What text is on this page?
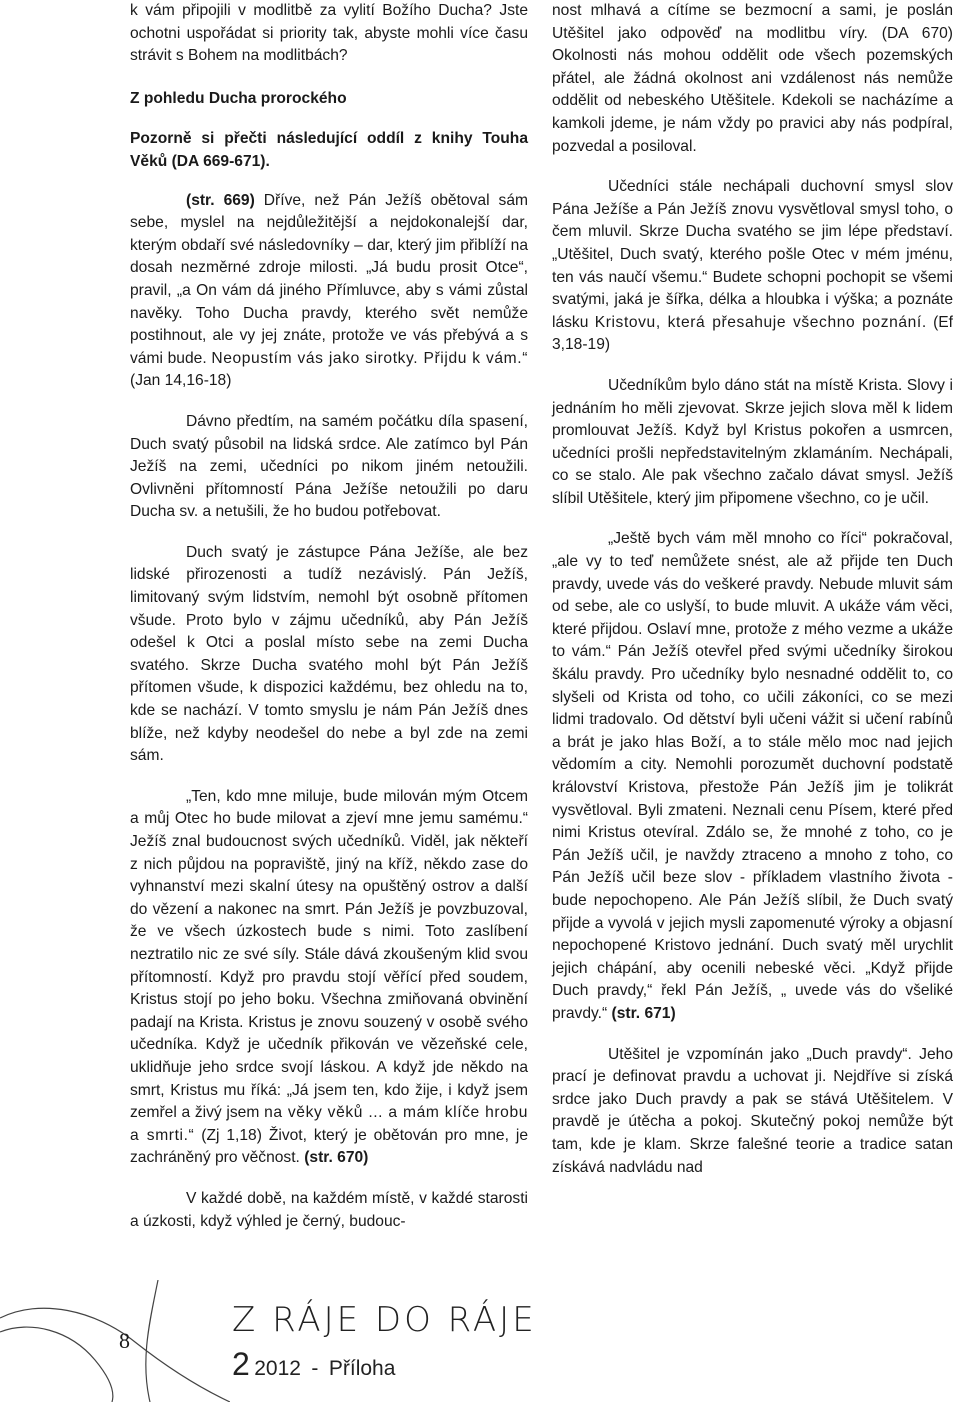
k vám připojili v modlitbě za vylití Božího Ducha? Jste ochotni uspořádat si priority tak, abyste mohli více času strávit s Bohem na modlitbách?

Z pohledu Ducha prorockého

Pozorně si přečti následující oddíl z knihy Touha Věků (DA 669-671).

(str. 669) Dříve, než Pán Ježíš obětoval sám sebe, myslel na nejdůležitější a nejdokonalejší dar, kterým obdaří své následovníky – dar, který jim přiblíží na dosah nezměrné zdroje milosti. „Já budu prosit Otce“, pravil, „a On vám dá jiného Přímluvce, aby s vámi zůstal navěky. Toho Ducha pravdy, kterého svět nemůže postihnout, ale vy jej znáte, protože ve vás přebývá a s vámi bude. Neopustím vás jako sirotky. Přijdu k vám.“ (Jan 14,16-18)

Dávno předtím, na samém počátku díla spasení, Duch svatý působil na lidská srdce. Ale zatímco byl Pán Ježíš na zemi, učedníci po nikom jiném netoužili. Ovlivněni přítomností Pána Ježíše netoužili po daru Ducha sv. a netušili, že ho budou potřebovat.

Duch svatý je zástupce Pána Ježíše, ale bez lidské přirozenosti a tudíž nezávislý. Pán Ježíš, limitovaný svým lidstvím, nemohl být osobně přítomen všude. Proto bylo v zájmu učedníků, aby Pán Ježíš odešel k Otci a poslal místo sebe na zemi Ducha svatého. Skrze Ducha svatého mohl být Pán Ježíš přítomen všude, k dispozici každému, bez ohledu na to, kde se nachází. V tomto smyslu je nám Pán Ježíš dnes blíže, než kdyby neodešel do nebe a byl zde na zemi sám.

„Ten, kdo mne miluje, bude milován mým Otcem a můj Otec ho bude milovat a zjeví mne jemu samému.“ Ježíš znal budoucnost svých učedníků. Viděl, jak někteří z nich půjdou na popraviště, jiný na kříž, někdo zase do vyhnanství mezi skalní útesy na opuštěný ostrov a další do vězení a nakonec na smrt. Pán Ježíš je povzbuzoval, že ve všech úzkostech bude s nimi. Toto zaslíbení neztratilo nic ze své síly. Stále dává zkoušeným klid svou přítomností. Když pro pravdu stojí věřící před soudem, Kristus stojí po jeho boku. Všechna zmiňovaná obvinění padají na Krista. Kristus je znovu souzený v osobě svého učedníka. Když je učedník přikován ve vězeňské cele, uklidňuje jeho srdce svojí láskou. A když jde někdo na smrt, Kristus mu říká: „Já jsem ten, kdo žije, i když jsem zemřel a živý jsem na věky věků ... a mám klíče hrobu a smrti.“ (Zj 1,18) Život, který je obětován pro mne, je zachráněný pro věčnost. (str. 670)

V každé době, na každém místě, v každé starosti a úzkosti, když výhled je černý, budouc-

nost mlhavá a cítíme se bezmocní a sami, je poslán Utěšitel jako odpověď na modlitbu víry. (DA 670) Okolnosti nás mohou oddělit ode všech pozemských přátel, ale žádná okolnost ani vzdálenost nás nemůže oddělit od nebeského Utěšitele. Kdekoli se nacházíme a kamkoli jdeme, je nám vždy po pravici aby nás podpíral, pozvedal a posiloval.

Učedníci stále nechápali duchovní smysl slov Pána Ježíše a Pán Ježíš znovu vysvětloval smysl toho, o čem mluvil. Skrze Ducha svatého se jim lépe představí. „Utěšitel, Duch svatý, kterého pošle Otec v mém jménu, ten vás naučí všemu.“ Budete schopni pochopit se všemi svatými, jaká je šířka, délka a hloubka i výška; a poznáte lásku Kristovu, která přesahuje všechno poznání. (Ef 3,18-19)

Učedníkům bylo dáno stát na místě Krista. Slovy i jednáním ho měli zjevovat. Skrze jejich slova měl k lidem promlouvat Ježíš. Když byl Kristus pokořen a usmrcen, učedníci prošli nepředstavitelným zklamáním. Nechápali, co se stalo. Ale pak všechno začalo dávat smysl. Ježíš slíbil Utěšitele, který jim připomene všechno, co je učil.

„Ještě bych vám měl mnoho co říci“ pokračoval, „ale vy to teď nemůžete snést, ale až přijde ten Duch pravdy, uvede vás do veškeré pravdy. Nebude mluvit sám od sebe, ale co uslyší, to bude mluvit. A ukáže vám věci, které přijdou. Oslaví mne, protože z mého vezme a ukáže to vám.“ Pán Ježíš otevřel před svými učedníky širokou škálu pravdy. Pro učedníky bylo nesnadné oddělit to, co slyšeli od Krista od toho, co učili zákoníci, co se mezi lidmi tradovalo. Od dětství byli učeni vážit si učení rabínů a brát je jako hlas Boží, a to stále mělo moc nad jejich vědomím a city. Nemohli porozumět duchovní podstatě království Kristova, přestože Pán Ježíš jim je tolikrát vysvětloval. Byli zmateni. Neznali cenu Písem, které před nimi Kristus otevíral. Zdálo se, že mnohé z toho, co je Pán Ježíš učil, je navždy ztraceno a mnoho z toho, co Pán Ježíš učil beze slov - příkladem vlastního života - bude nepochopeno. Ale Pán Ježíš slíbil, že Duch svatý přijde a vyvolá v jejich mysli zapomenuté výroky a objasní nepochopené Kristovo jednání. Duch svatý měl urychlit jejich chápání, aby ocenili nebeské věci. „Když přijde Duch pravdy,“ řekl Pán Ježíš, „ uvede vás do všeliké pravdy.“ (str. 671)

Utěšitel je vzpomínán jako „Duch pravdy“. Jeho prací je definovat pravdu a uchovat ji. Nejdříve si získá srdce jako Duch pravdy a pak se stává Utěšitelem. V pravdě je útěcha a pokoj. Skutečný pokoj nemůže být tam, kde je klam. Skrze falešné teorie a tradice satan získává nadvládu nad

8
Z RÁJE DO RÁJE
2 2012 - Příloha
